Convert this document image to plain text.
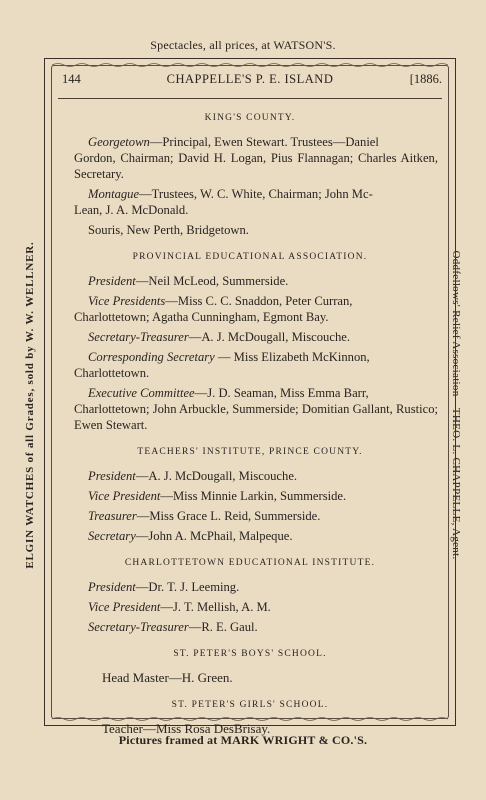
Spectacles, all prices, at WATSON'S.
ELGIN WATCHES of all Grades, sold by W. W. WELLNER.	Oddfellows' Relief Association—THEO. L. CHAPPELLE, Agent.
Pictures framed at MARK WRIGHT & CO.'S.
144	CHAPPELLE'S P. E. ISLAND	[1886.
KING'S COUNTY.
Georgetown—Principal, Ewen Stewart. Trustees—Daniel
Gordon, Chairman; David H. Logan, Pius Flannagan; Charles Aitken, Secretary.
Montague—Trustees, W. C. White, Chairman; John Mc-
Lean, J. A. McDonald.
Souris, New Perth, Bridgetown.
PROVINCIAL EDUCATIONAL ASSOCIATION.
President—Neil McLeod, Summerside.
Vice Presidents—Miss C. C. Snaddon, Peter Curran,
Charlottetown; Agatha Cunningham, Egmont Bay.
Secretary-Treasurer—A. J. McDougall, Miscouche.
Corresponding Secretary — Miss Elizabeth McKinnon,
Charlottetown.
Executive Committee—J. D. Seaman, Miss Emma Barr,
Charlottetown; John Arbuckle, Summerside; Domitian Gallant, Rustico; Ewen Stewart.
TEACHERS' INSTITUTE, PRINCE COUNTY.
President—A. J. McDougall, Miscouche.
Vice President—Miss Minnie Larkin, Summerside.
Treasurer—Miss Grace L. Reid, Summerside.
Secretary—John A. McPhail, Malpeque.
CHARLOTTETOWN EDUCATIONAL INSTITUTE.
President—Dr. T. J. Leeming.
Vice President—J. T. Mellish, A. M.
Secretary-Treasurer—R. E. Gaul.
ST. PETER'S BOYS' SCHOOL.
Head Master—H. Green.
ST. PETER'S GIRLS' SCHOOL.
Teacher—Miss Rosa DesBrisay.
